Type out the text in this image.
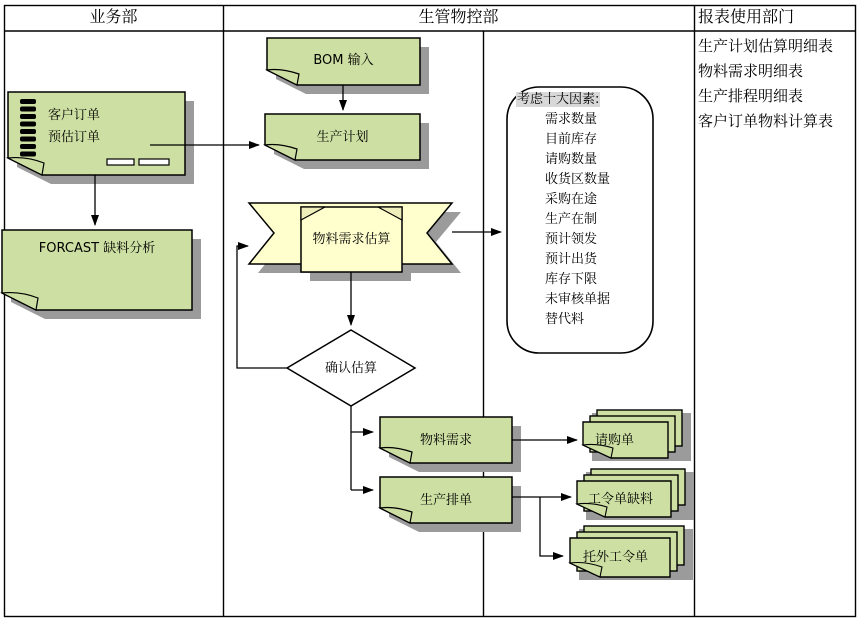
业务部	生管物控部	报表使用部门
生产计划估算明细表
物料需求明细表
生产排程明细表
客户订单物料计算表
客户订单
预估订单
FORCAST 缺料分析
BOM 输入
生产计划
物料需求估算
确认估算
物料需求
生产排单
请购单
工令单缺料
托外工令单
考虑十大因素:
需求数量
目前库存
请购数量
收货区数量
采购在途
生产在制
预计领发
预计出货
库存下限
未审核单据
替代料
